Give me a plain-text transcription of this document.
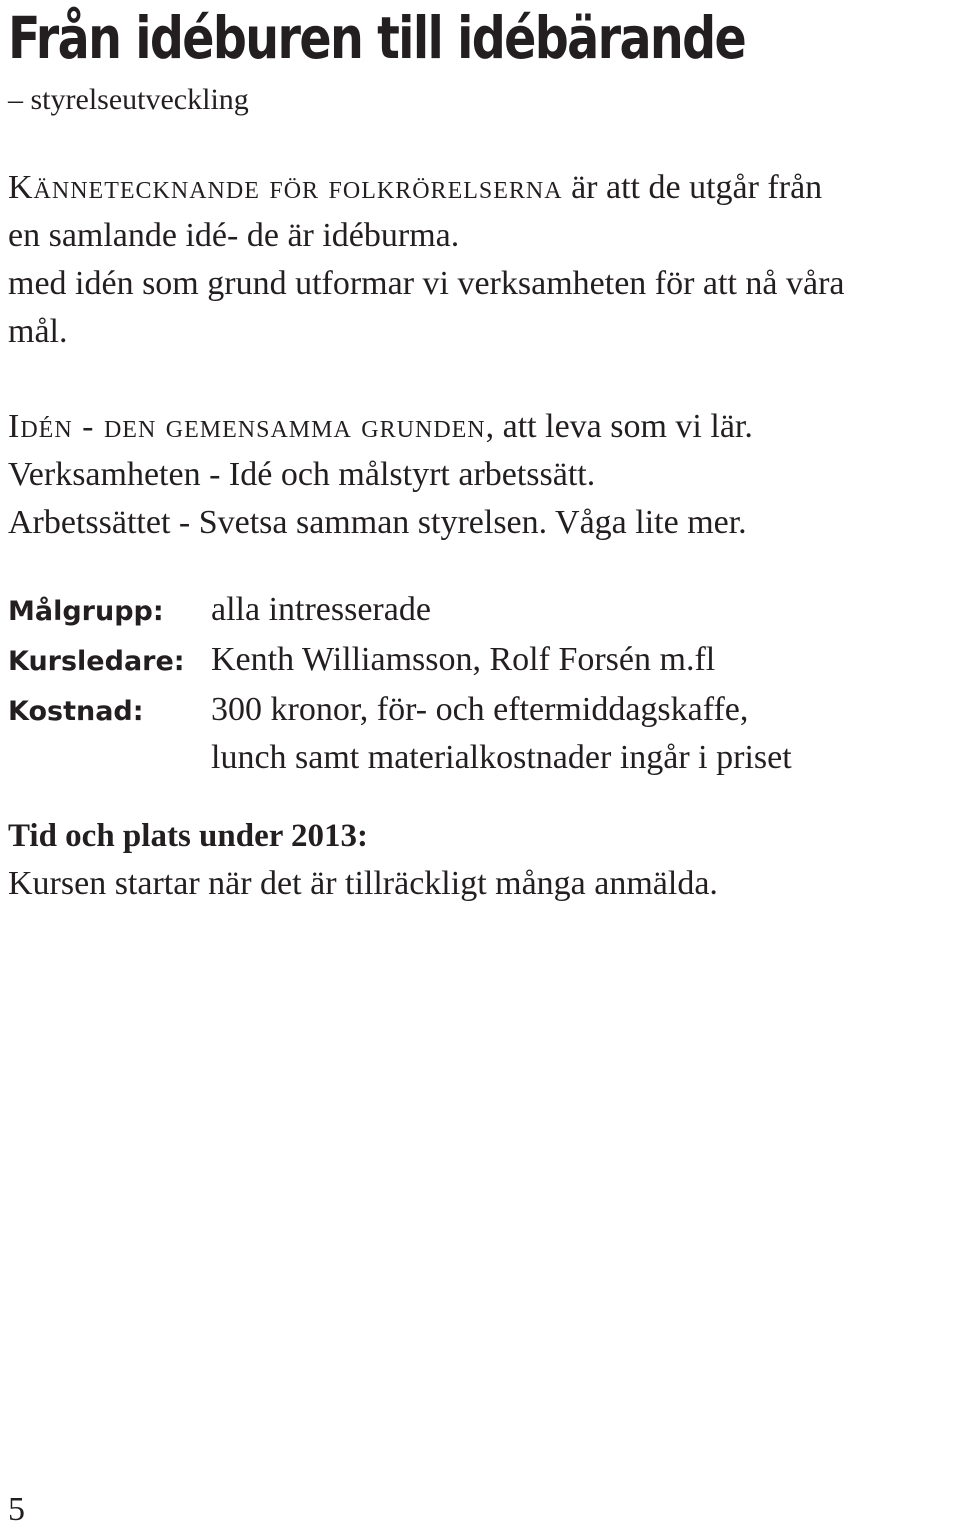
Från idéburen till idébärande

– styrelseutveckling

Kännetecknande för folkrörelserna är att de utgår från
en samlande idé- de är idéburma.
med idén som grund utformar vi verksamheten för att nå våra
mål.

Idén - den gemensamma grunden, att leva som vi lär.
Verksamheten - Idé och målstyrt arbetssätt.
Arbetssättet - Svetsa samman styrelsen. Våga lite mer.

Målgrupp:	alla intresserade
Kursledare: Kenth Williamsson, Rolf Forsén m.fl
Kostnad:	300 kronor, för- och eftermiddagskaffe,
lunch samt materialkostnader ingår i priset

Tid och plats under 2013:

Kursen startar när det är tillräckligt många anmälda.

5
